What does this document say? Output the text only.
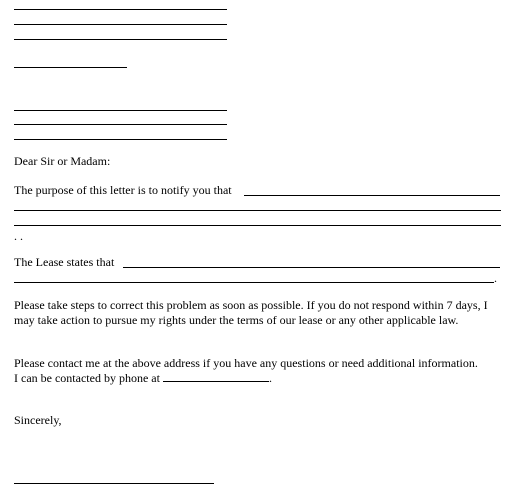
Dear Sir or Madam:
The purpose of this letter is to notify you that
. .
The Lease states that
.
Please take steps to correct this problem as soon as possible. If you do not respond within 7 days, I may take action to pursue my rights under the terms of our lease or any other applicable law.
Please contact me at the above address if you have any questions or need additional information.
I can be contacted by phone at	.
Sincerely,
